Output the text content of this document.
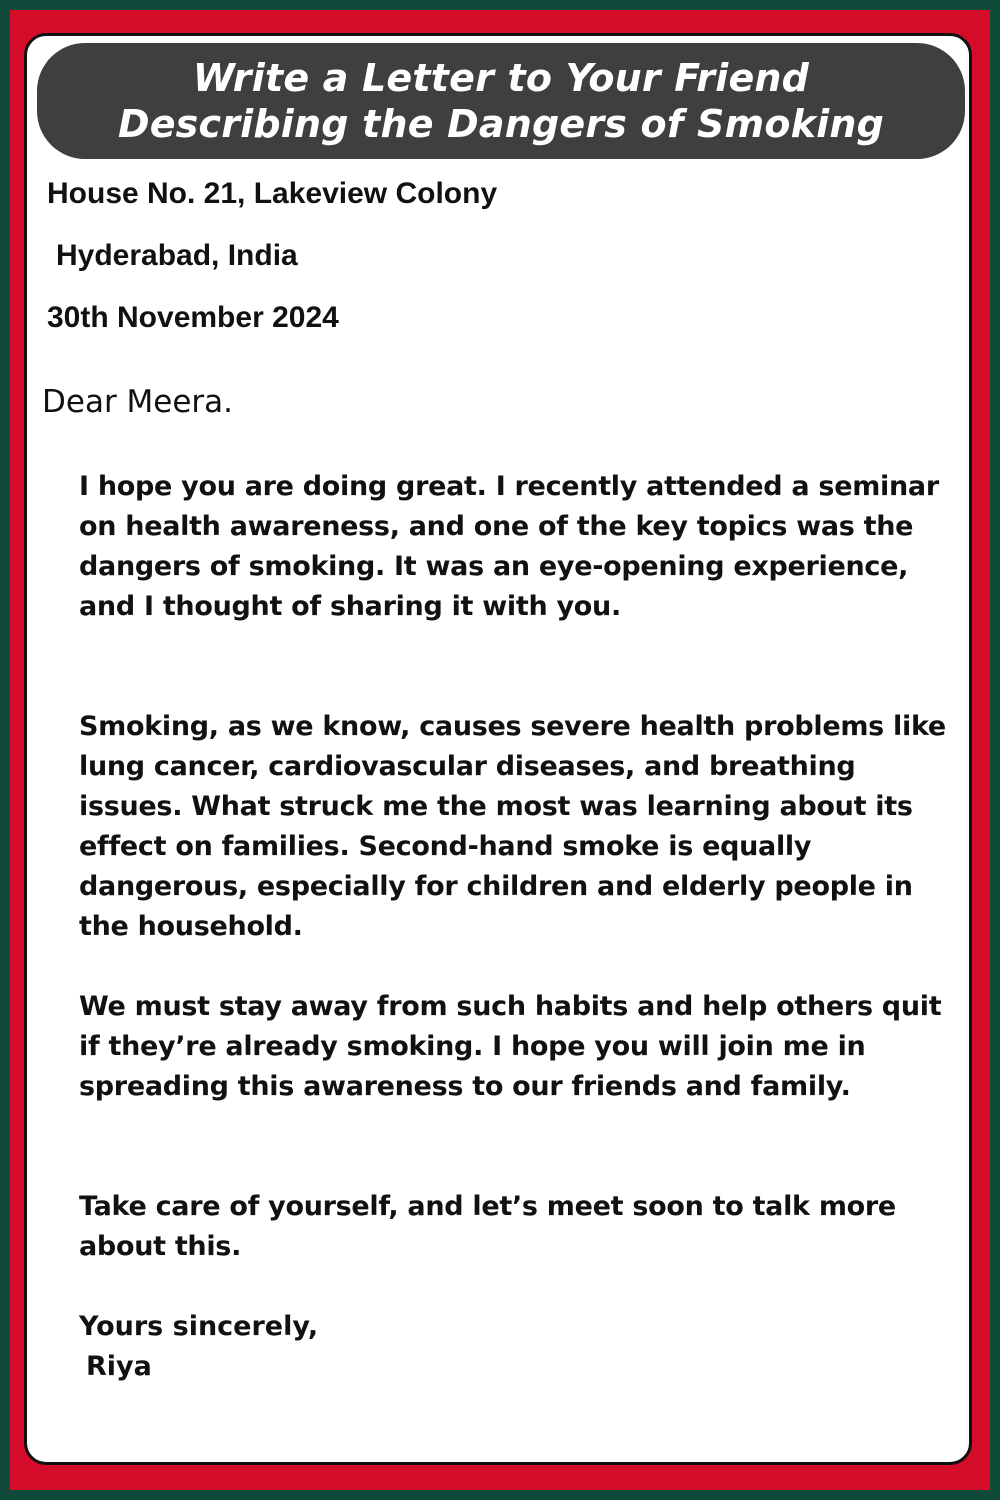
Write a Letter to Your Friend
Describing the Dangers of Smoking

House No. 21, Lakeview Colony

Hyderabad, India

30th November 2024

Dear Meera.

I hope you are doing great. I recently attended a seminar on health awareness, and one of the key topics was the dangers of smoking. It was an eye-opening experience, and I thought of sharing it with you.

Smoking, as we know, causes severe health problems like lung cancer, cardiovascular diseases, and breathing issues. What struck me the most was learning about its effect on families. Second-hand smoke is equally dangerous, especially for children and elderly people in the household.

We must stay away from such habits and help others quit if they’re already smoking. I hope you will join me in spreading this awareness to our friends and family.

Take care of yourself, and let’s meet soon to talk more about this.

Yours sincerely,

Riya
